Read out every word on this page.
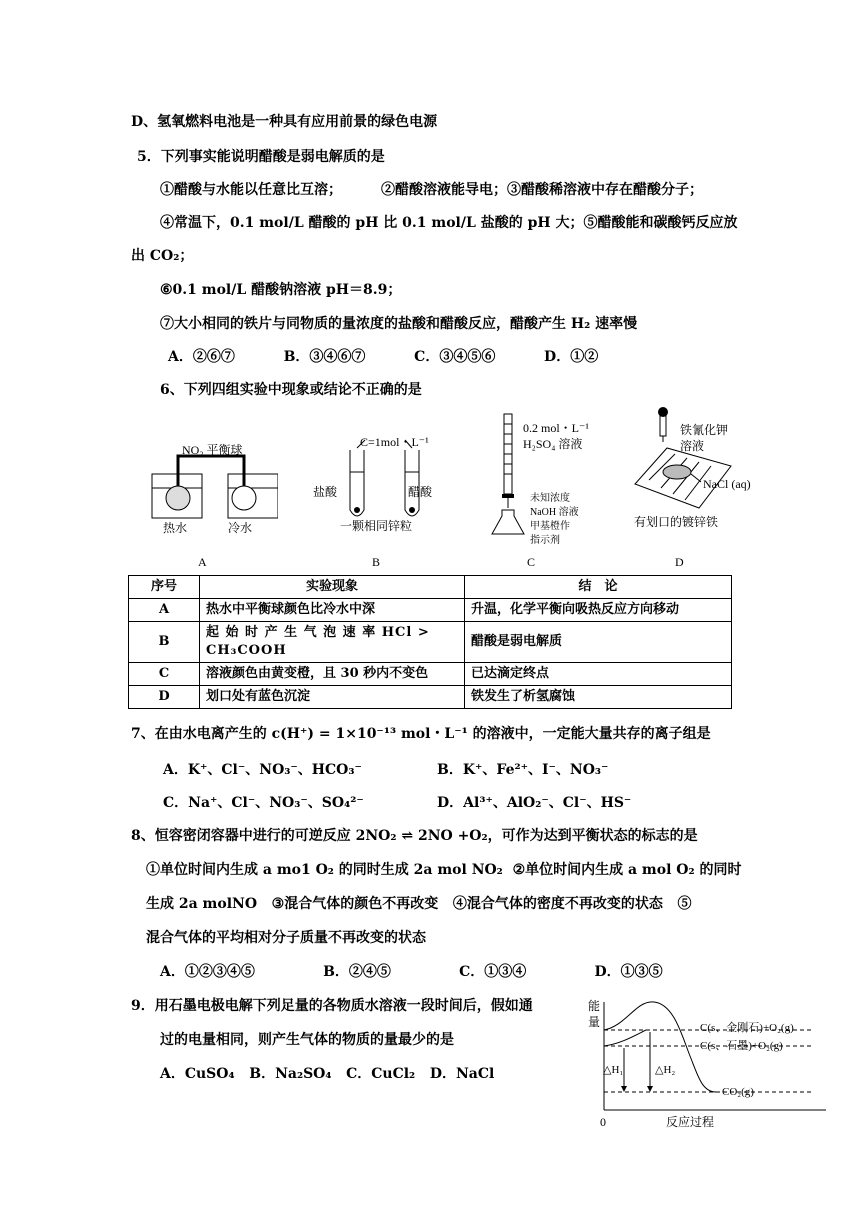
D、氢氧燃料电池是一种具有应用前景的绿色电源
5．下列事实能说明醋酸是弱电解质的是
①醋酸与水能以任意比互溶；        ②醋酸溶液能导电；③醋酸稀溶液中存在醋酸分子；
④常温下，0.1 mol/L 醋酸的 pH 比 0.1 mol/L 盐酸的 pH 大；⑤醋酸能和碳酸钙反应放
出 CO₂；
⑥0.1 mol/L 醋酸钠溶液 pH＝8.9；
⑦大小相同的铁片与同物质的量浓度的盐酸和醋酸反应，醋酸产生 H₂ 速率慢
A．②⑥⑦          B．③④⑥⑦          C．③④⑤⑥          D．①②
6、下列四组实验中现象或结论不正确的是
NO₂ 平衡球
热水	冷水
A
C=1mol・L⁻¹
盐酸	醋酸
一颗相同锌粒
B
0.2 mol・L⁻¹
H₂SO₄ 溶液
未知浓度
NaOH 溶液
甲基橙作
指示剂
C
铁氰化钾
溶液
NaCl (aq)
有划口的镀锌铁
D
序号	实验现象	结　论
A	热水中平衡球颜色比冷水中深	升温，化学平衡向吸热反应方向移动
B	起 始 时 产 生 气 泡 速 率 HCl > CH₃COOH	醋酸是弱电解质
C	溶液颜色由黄变橙，且 30 秒内不变色	已达滴定终点
D	划口处有蓝色沉淀	铁发生了析氢腐蚀
7、在由水电离产生的 c(H⁺) = 1×10⁻¹³ mol・L⁻¹ 的溶液中，一定能大量共存的离子组是
A．K⁺、Cl⁻、NO₃⁻、HCO₃⁻	B．K⁺、Fe²⁺、I⁻、NO₃⁻
C．Na⁺、Cl⁻、NO₃⁻、SO₄²⁻	D．Al³⁺、AlO₂⁻、Cl⁻、HS⁻
8、恒容密闭容器中进行的可逆反应 2NO₂ ⇌ 2NO +O₂，可作为达到平衡状态的标志的是
①单位时间内生成 a mo1 O₂ 的同时生成 2a mol NO₂  ②单位时间内生成 a mol O₂ 的同时
生成 2a molNO   ③混合气体的颜色不再改变   ④混合气体的密度不再改变的状态   ⑤
混合气体的平均相对分子质量不再改变的状态
A．①②③④⑤              B．②④⑤              C．①③④              D．①③⑤
9．用石墨电极电解下列足量的各物质水溶液一段时间后，假如通
过的电量相同，则产生气体的物质的量最少的是
A．CuSO₄   B．Na₂SO₄   C．CuCl₂   D．NaCl
能量	C(s、金刚石)+O₂(g)
C(s、石墨)+O₂(g)
CO₂(g)
△H₁	△H₂
0	反应过程
